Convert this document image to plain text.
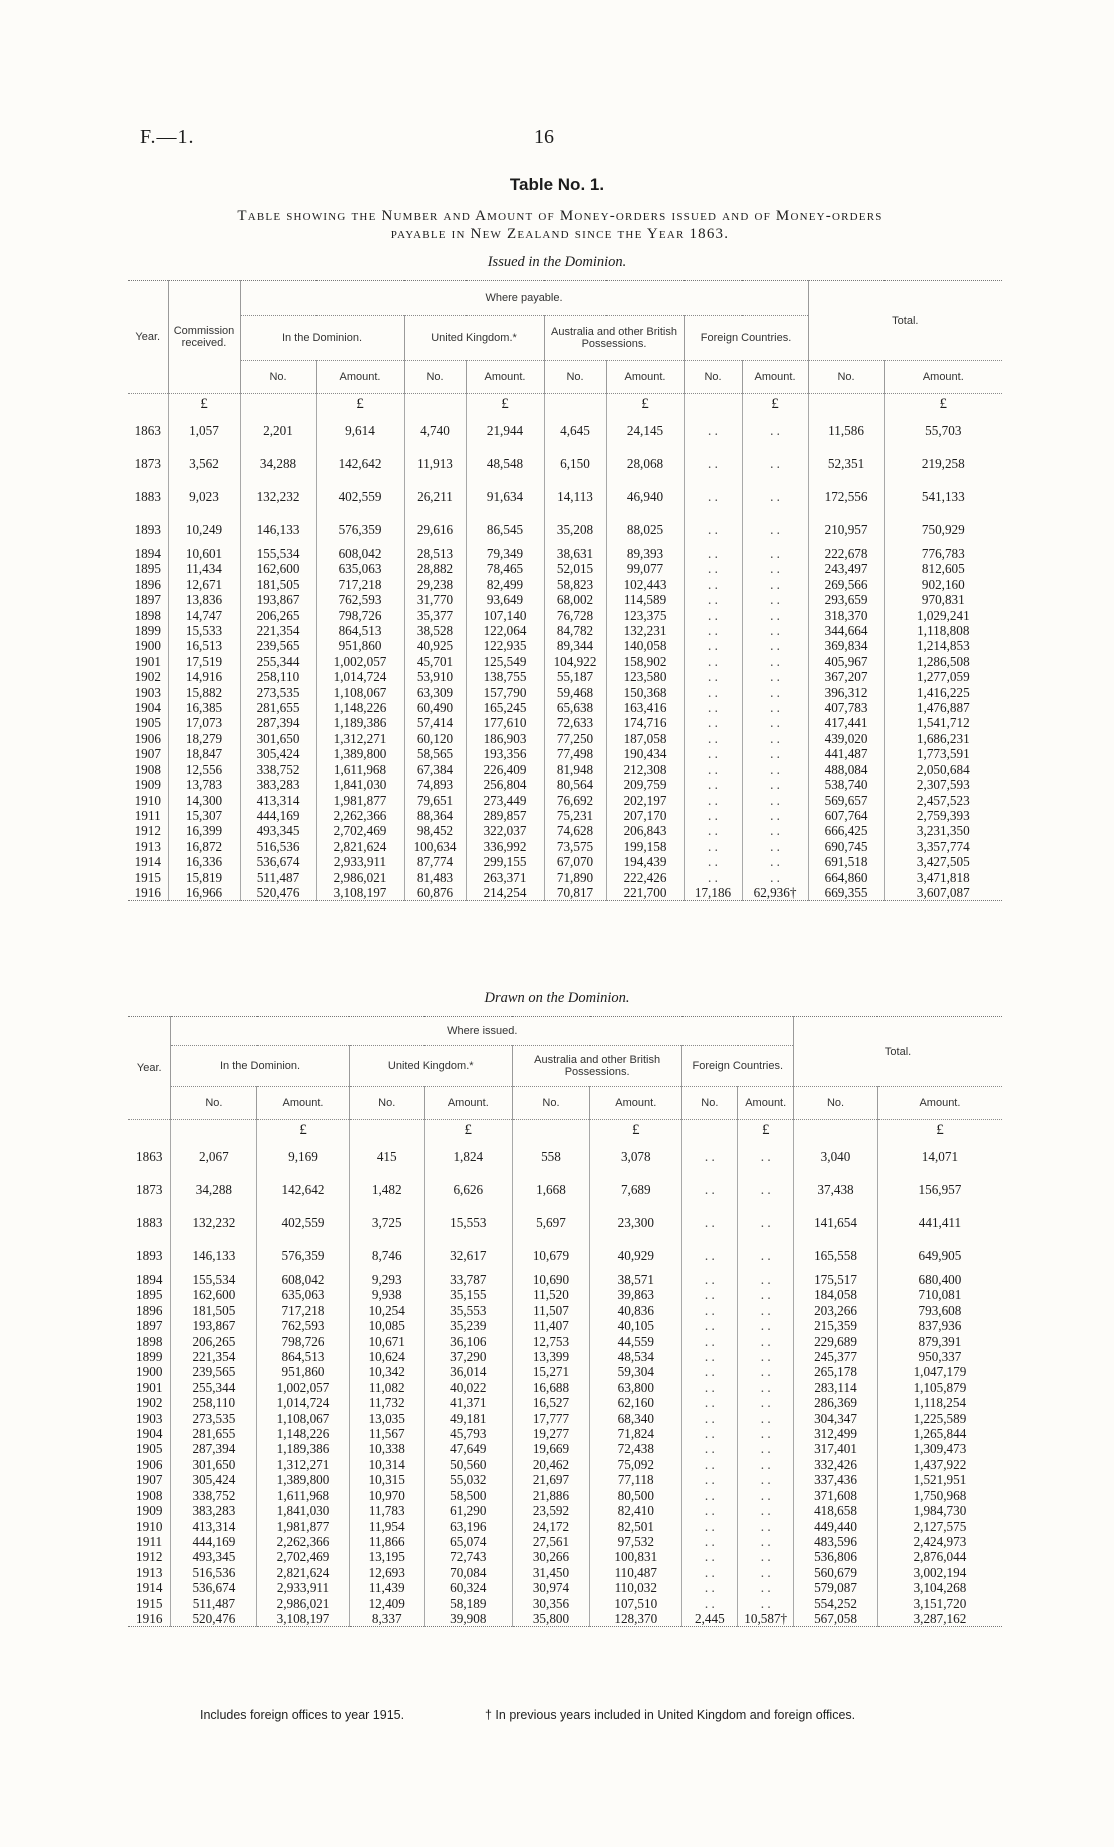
F.—1.	16
Table No. 1.
Table showing the Number and Amount of Money-orders issued and of Money-orders
payable in New Zealand since the Year 1863.
Issued in the Dominion.
Year.	Commission received.	Where payable.								Total.	
		In the Dominion.		United Kingdom.*		Australia and other British Possessions.		Foreign Countries.			
		No.	Amount.	No.	Amount.	No.	Amount.	No.	Amount.	No.	Amount.
	£		£		£		£		£		£
1863	1,057	2,201	9,614	4,740	21,944	4,645	24,145	. .	. .	11,586	55,703
1873	3,562	34,288	142,642	11,913	48,548	6,150	28,068	. .	. .	52,351	219,258
1883	9,023	132,232	402,559	26,211	91,634	14,113	46,940	. .	. .	172,556	541,133
1893	10,249	146,133	576,359	29,616	86,545	35,208	88,025	. .	. .	210,957	750,929
1894	10,601	155,534	608,042	28,513	79,349	38,631	89,393	. .	. .	222,678	776,783
1895	11,434	162,600	635,063	28,882	78,465	52,015	99,077	. .	. .	243,497	812,605
1896	12,671	181,505	717,218	29,238	82,499	58,823	102,443	. .	. .	269,566	902,160
1897	13,836	193,867	762,593	31,770	93,649	68,002	114,589	. .	. .	293,659	970,831
1898	14,747	206,265	798,726	35,377	107,140	76,728	123,375	. .	. .	318,370	1,029,241
1899	15,533	221,354	864,513	38,528	122,064	84,782	132,231	. .	. .	344,664	1,118,808
1900	16,513	239,565	951,860	40,925	122,935	89,344	140,058	. .	. .	369,834	1,214,853
1901	17,519	255,344	1,002,057	45,701	125,549	104,922	158,902	. .	. .	405,967	1,286,508
1902	14,916	258,110	1,014,724	53,910	138,755	55,187	123,580	. .	. .	367,207	1,277,059
1903	15,882	273,535	1,108,067	63,309	157,790	59,468	150,368	. .	. .	396,312	1,416,225
1904	16,385	281,655	1,148,226	60,490	165,245	65,638	163,416	. .	. .	407,783	1,476,887
1905	17,073	287,394	1,189,386	57,414	177,610	72,633	174,716	. .	. .	417,441	1,541,712
1906	18,279	301,650	1,312,271	60,120	186,903	77,250	187,058	. .	. .	439,020	1,686,231
1907	18,847	305,424	1,389,800	58,565	193,356	77,498	190,434	. .	. .	441,487	1,773,591
1908	12,556	338,752	1,611,968	67,384	226,409	81,948	212,308	. .	. .	488,084	2,050,684
1909	13,783	383,283	1,841,030	74,893	256,804	80,564	209,759	. .	. .	538,740	2,307,593
1910	14,300	413,314	1,981,877	79,651	273,449	76,692	202,197	. .	. .	569,657	2,457,523
1911	15,307	444,169	2,262,366	88,364	289,857	75,231	207,170	. .	. .	607,764	2,759,393
1912	16,399	493,345	2,702,469	98,452	322,037	74,628	206,843	. .	. .	666,425	3,231,350
1913	16,872	516,536	2,821,624	100,634	336,992	73,575	199,158	. .	. .	690,745	3,357,774
1914	16,336	536,674	2,933,911	87,774	299,155	67,070	194,439	. .	. .	691,518	3,427,505
1915	15,819	511,487	2,986,021	81,483	263,371	71,890	222,426	. .	. .	664,860	3,471,818
1916	16,966	520,476	3,108,197	60,876	214,254	70,817	221,700	17,186	62,936†	669,355	3,607,087
Drawn on the Dominion.
Year.	Where issued.								Total.	
	In the Dominion.		United Kingdom.*		Australia and other British Possessions.		Foreign Countries.			
	No.	Amount.	No.	Amount.	No.	Amount.	No.	Amount.	No.	Amount.
		£		£		£		£		£
1863	2,067	9,169	415	1,824	558	3,078	. .	. .	3,040	14,071
1873	34,288	142,642	1,482	6,626	1,668	7,689	. .	. .	37,438	156,957
1883	132,232	402,559	3,725	15,553	5,697	23,300	. .	. .	141,654	441,411
1893	146,133	576,359	8,746	32,617	10,679	40,929	. .	. .	165,558	649,905
1894	155,534	608,042	9,293	33,787	10,690	38,571	. .	. .	175,517	680,400
1895	162,600	635,063	9,938	35,155	11,520	39,863	. .	. .	184,058	710,081
1896	181,505	717,218	10,254	35,553	11,507	40,836	. .	. .	203,266	793,608
1897	193,867	762,593	10,085	35,239	11,407	40,105	. .	. .	215,359	837,936
1898	206,265	798,726	10,671	36,106	12,753	44,559	. .	. .	229,689	879,391
1899	221,354	864,513	10,624	37,290	13,399	48,534	. .	. .	245,377	950,337
1900	239,565	951,860	10,342	36,014	15,271	59,304	. .	. .	265,178	1,047,179
1901	255,344	1,002,057	11,082	40,022	16,688	63,800	. .	. .	283,114	1,105,879
1902	258,110	1,014,724	11,732	41,371	16,527	62,160	. .	. .	286,369	1,118,254
1903	273,535	1,108,067	13,035	49,181	17,777	68,340	. .	. .	304,347	1,225,589
1904	281,655	1,148,226	11,567	45,793	19,277	71,824	. .	. .	312,499	1,265,844
1905	287,394	1,189,386	10,338	47,649	19,669	72,438	. .	. .	317,401	1,309,473
1906	301,650	1,312,271	10,314	50,560	20,462	75,092	. .	. .	332,426	1,437,922
1907	305,424	1,389,800	10,315	55,032	21,697	77,118	. .	. .	337,436	1,521,951
1908	338,752	1,611,968	10,970	58,500	21,886	80,500	. .	. .	371,608	1,750,968
1909	383,283	1,841,030	11,783	61,290	23,592	82,410	. .	. .	418,658	1,984,730
1910	413,314	1,981,877	11,954	63,196	24,172	82,501	. .	. .	449,440	2,127,575
1911	444,169	2,262,366	11,866	65,074	27,561	97,532	. .	. .	483,596	2,424,973
1912	493,345	2,702,469	13,195	72,743	30,266	100,831	. .	. .	536,806	2,876,044
1913	516,536	2,821,624	12,693	70,084	31,450	110,487	. .	. .	560,679	3,002,194
1914	536,674	2,933,911	11,439	60,324	30,974	110,032	. .	. .	579,087	3,104,268
1915	511,487	2,986,021	12,409	58,189	30,356	107,510	. .	. .	554,252	3,151,720
1916	520,476	3,108,197	8,337	39,908	35,800	128,370	2,445	10,587†	567,058	3,287,162
Includes foreign offices to year 1915.	† In previous years included in United Kingdom and foreign offices.
